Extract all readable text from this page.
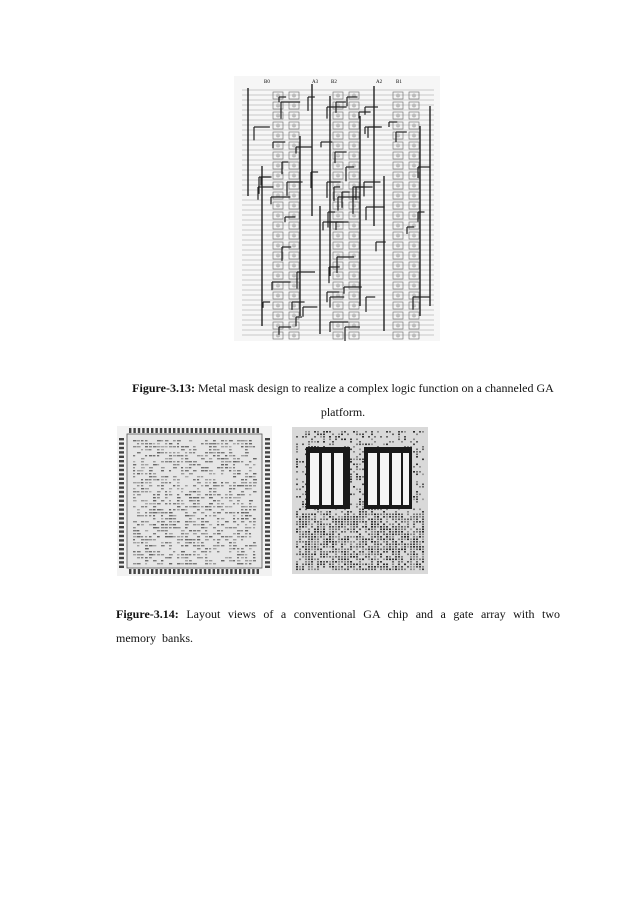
B0	A3	B2	A2	B1
Figure-3.13: Metal mask design to realize a complex logic function on a channeled GA platform.
Figure-3.14: Layout views of a conventional GA chip and a gate array with two memory banks.
